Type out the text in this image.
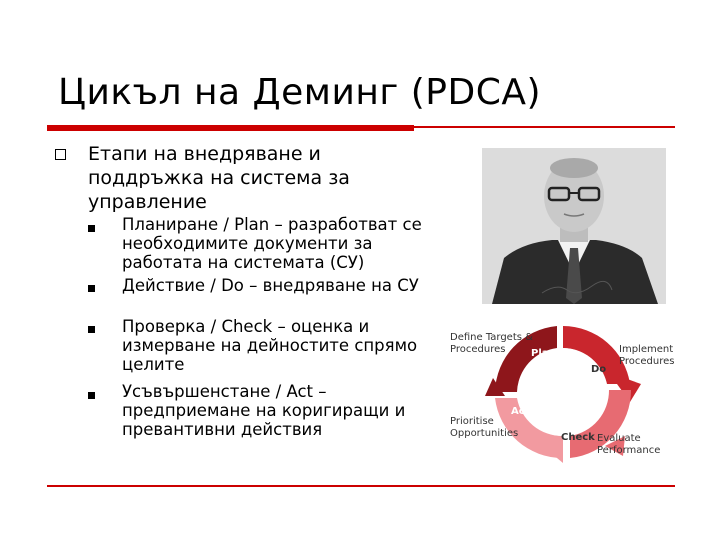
Цикъл на Деминг (PDCA)
Етапи на внедряване и поддръжка на система за управление
Планиране / Plan – разработват се необходимите документи за работата на системата (СУ)
Действие / Do – внедряване на СУ
Проверка / Check – оценка и измерване на дейностите спрямо целите
Усъвършенстане / Act – предприемане на коригиращи и превантивни действия
Define Targets &
Procedures	Implement
Procedures
Evaluate
Performance
Prioritise
Opportunities
Plan
Do
Check
Act
